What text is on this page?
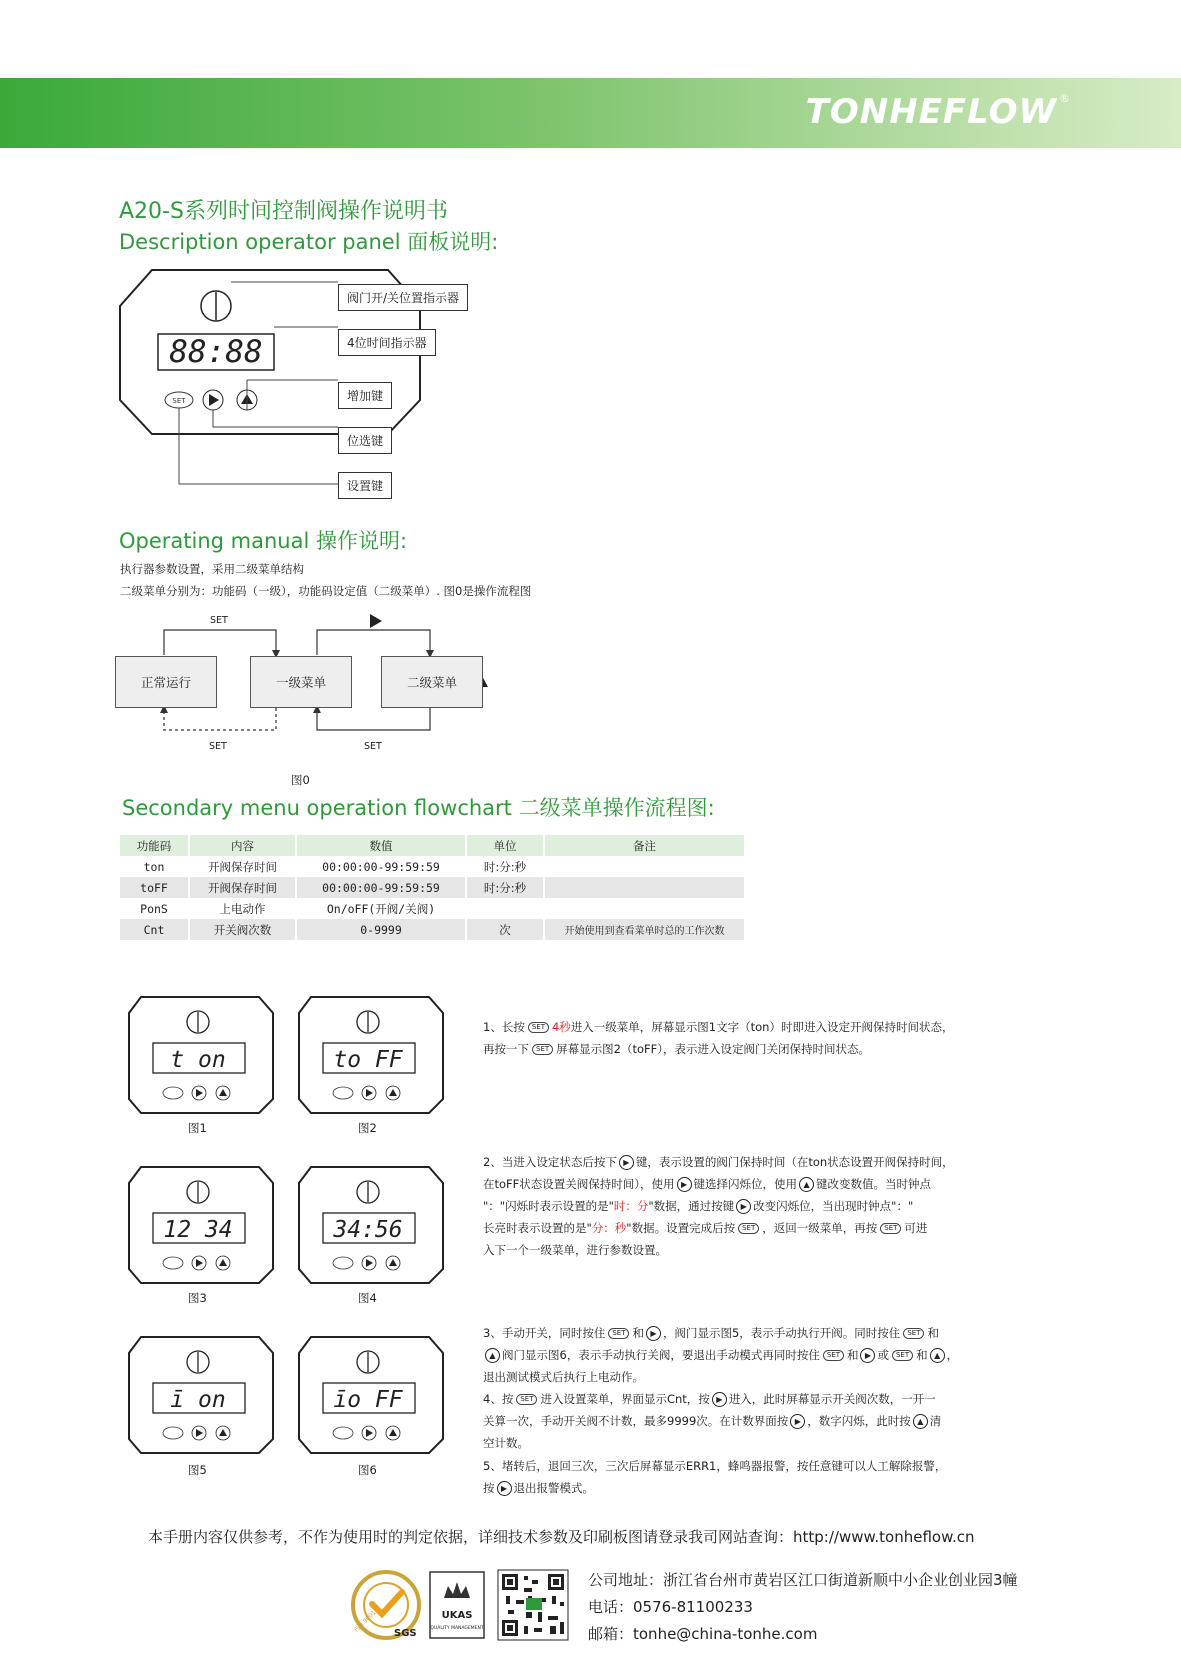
TONHEFLOW ®
A20-S系列时间控制阀操作说明书
Description operator panel 面板说明:
88:88
SET
阀门开/关位置指示器
4位时间指示器
增加键
位选键
设置键
Operating manual 操作说明:
执行器参数设置，采用二级菜单结构
二级菜单分别为：功能码（一级），功能码设定值（二级菜单）. 图0是操作流程图
SET
正常运行	一级菜单	二级菜单
SET	SET
图0
Secondary menu operation flowchart 二级菜单操作流程图:
功能码	内容	数值	单位	备注
ton	开阀保存时间	00:00:00-99:59:59	时:分:秒	
toFF	开阀保存时间	00:00:00-99:59:59	时:分:秒	
PonS	上电动作	On/oFF(开阀/关阀)		
Cnt	开关阀次数	0-9999	次	开始使用到查看菜单时总的工作次数
t on	to FF
12 34	34:56
ī on	īo FF
图1	图2
图3	图4
图5	图6
1、长按 SET 4秒进入一级菜单，屏幕显示图1文字（ton）时即进入设定开阀保持时间状态，
再按一下 SET 屏幕显示图2（toFF），表示进入设定阀门关闭保持时间状态。
2、当进入设定状态后按下 ▶ 键，表示设置的阀门保持时间（在ton状态设置开阀保持时间，
在toFF状态设置关阀保持时间），使用 ▶ 键选择闪烁位，使用 ▲ 键改变数值。当时钟点
"："闪烁时表示设置的是"时：分"数据，通过按键 ▶ 改变闪烁位，当出现时钟点"："
长亮时表示设置的是"分：秒"数据。设置完成后按 SET ，返回一级菜单，再按 SET 可进
入下一个一级菜单，进行参数设置。
3、手动开关，同时按住 SET 和 ▶ ，阀门显示图5，表示手动执行开阀。同时按住 SET 和
▲ 阀门显示图6，表示手动执行关阀，要退出手动模式再同时按住 SET 和 ▶ 或 SET 和 ▲ ，
退出测试模式后执行上电动作。
4、按 SET 进入设置菜单，界面显示Cnt，按 ▶ 进入，此时屏幕显示开关阀次数，一开一
关算一次，手动开关阀不计数，最多9999次。在计数界面按 ▶ ，数字闪烁，此时按 ▲ 清
空计数。
5、堵转后，退回三次，三次后屏幕显示ERR1，蜂鸣器报警，按任意键可以人工解除报警，
按 ▶ 退出报警模式。
本手册内容仅供参考，不作为使用时的判定依据，详细技术参数及印刷板图请登录我司网站查询：http://www.tonheflow.cn
SGS
ISO 9001	UKAS
QUALITY MANAGEMENT
公司地址：浙江省台州市黄岩区江口街道新顺中小企业创业园3幢
电话：0576-81100233
邮箱：tonhe@china-tonhe.com
